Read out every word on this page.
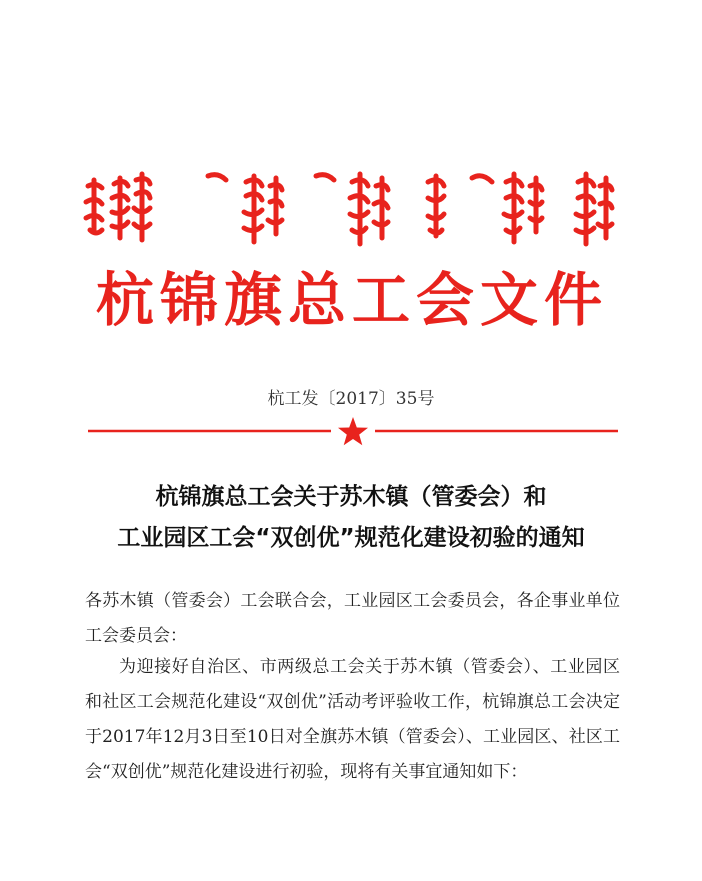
杭锦旗总工会文件
杭工发〔2017〕35号
杭锦旗总工会关于苏木镇（管委会）和
工业园区工会“双创优”规范化建设初验的通知
各苏木镇（管委会）工会联合会，工业园区工会委员会，各企事业单位工会委员会：
为迎接好自治区、市两级总工会关于苏木镇（管委会）、工业园区和社区工会规范化建设“双创优”活动考评验收工作，杭锦旗总工会决定于2017年12月3日至10日对全旗苏木镇（管委会）、工业园区、社区工会“双创优”规范化建设进行初验，现将有关事宜通知如下：
